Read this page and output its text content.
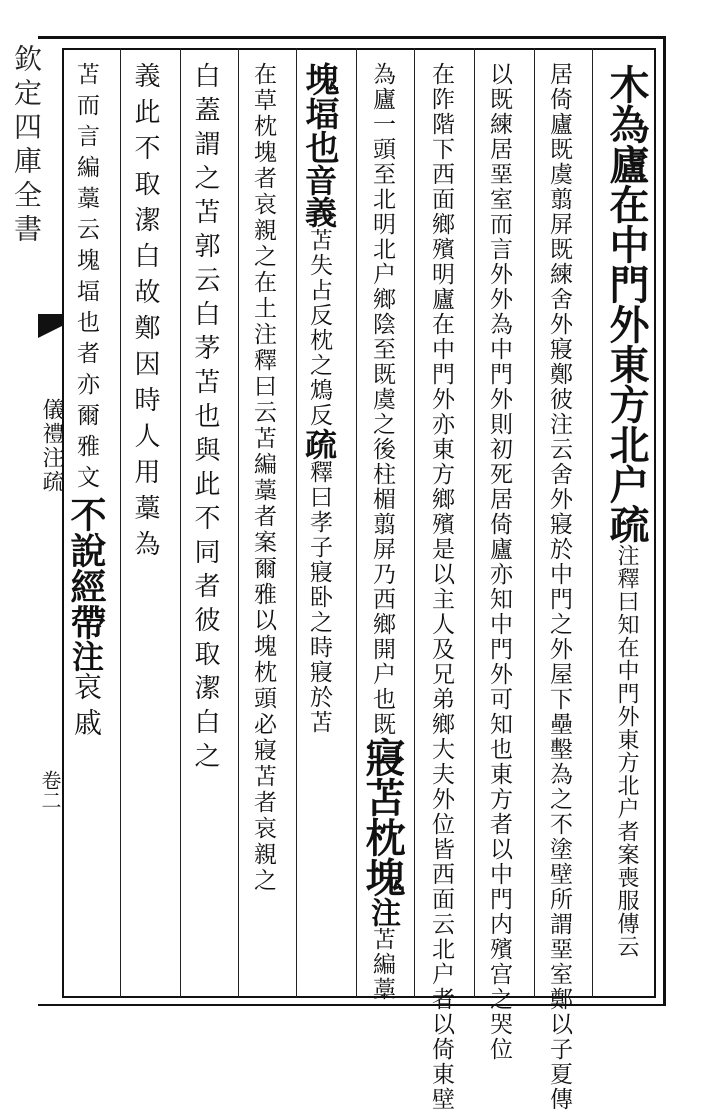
欽定四庫全書
儀禮注疏
卷二
木為廬在中門外東方北户疏注釋曰知在中門外東方北户者案喪服傳云
居倚廬既虞翦屏既練舍外寢鄭彼注云舍外寢於中門之外屋下壘墼為之不塗壁所謂堊室鄭以子夏傳
以既練居堊室而言外外為中門外則初死居倚廬亦知中門外可知也東方者以中門内殯宫之哭位
在阼階下西面鄉殯明廬在中門外亦東方鄉殯是以主人及兄弟鄉大夫外位皆西面云北户者以倚東壁
為廬一頭至北明北户鄉陰至既虞之後柱楣翦屏乃西鄉開户也既寢苫枕塊注苫編藁
塊堛也音義苫失占反枕之鴆反疏釋曰孝子寢卧之時寢於苫
在草枕塊者哀親之在土注釋曰云苫編藁者案爾雅以塊枕頭必寢苫者哀親之
白蓋謂之苫郭云白茅苫也與此不同者彼取潔白之
義此不取潔白故鄭因時人用藁為
苫而言編藁云塊堛也者亦爾雅文不說經帶注哀戚
